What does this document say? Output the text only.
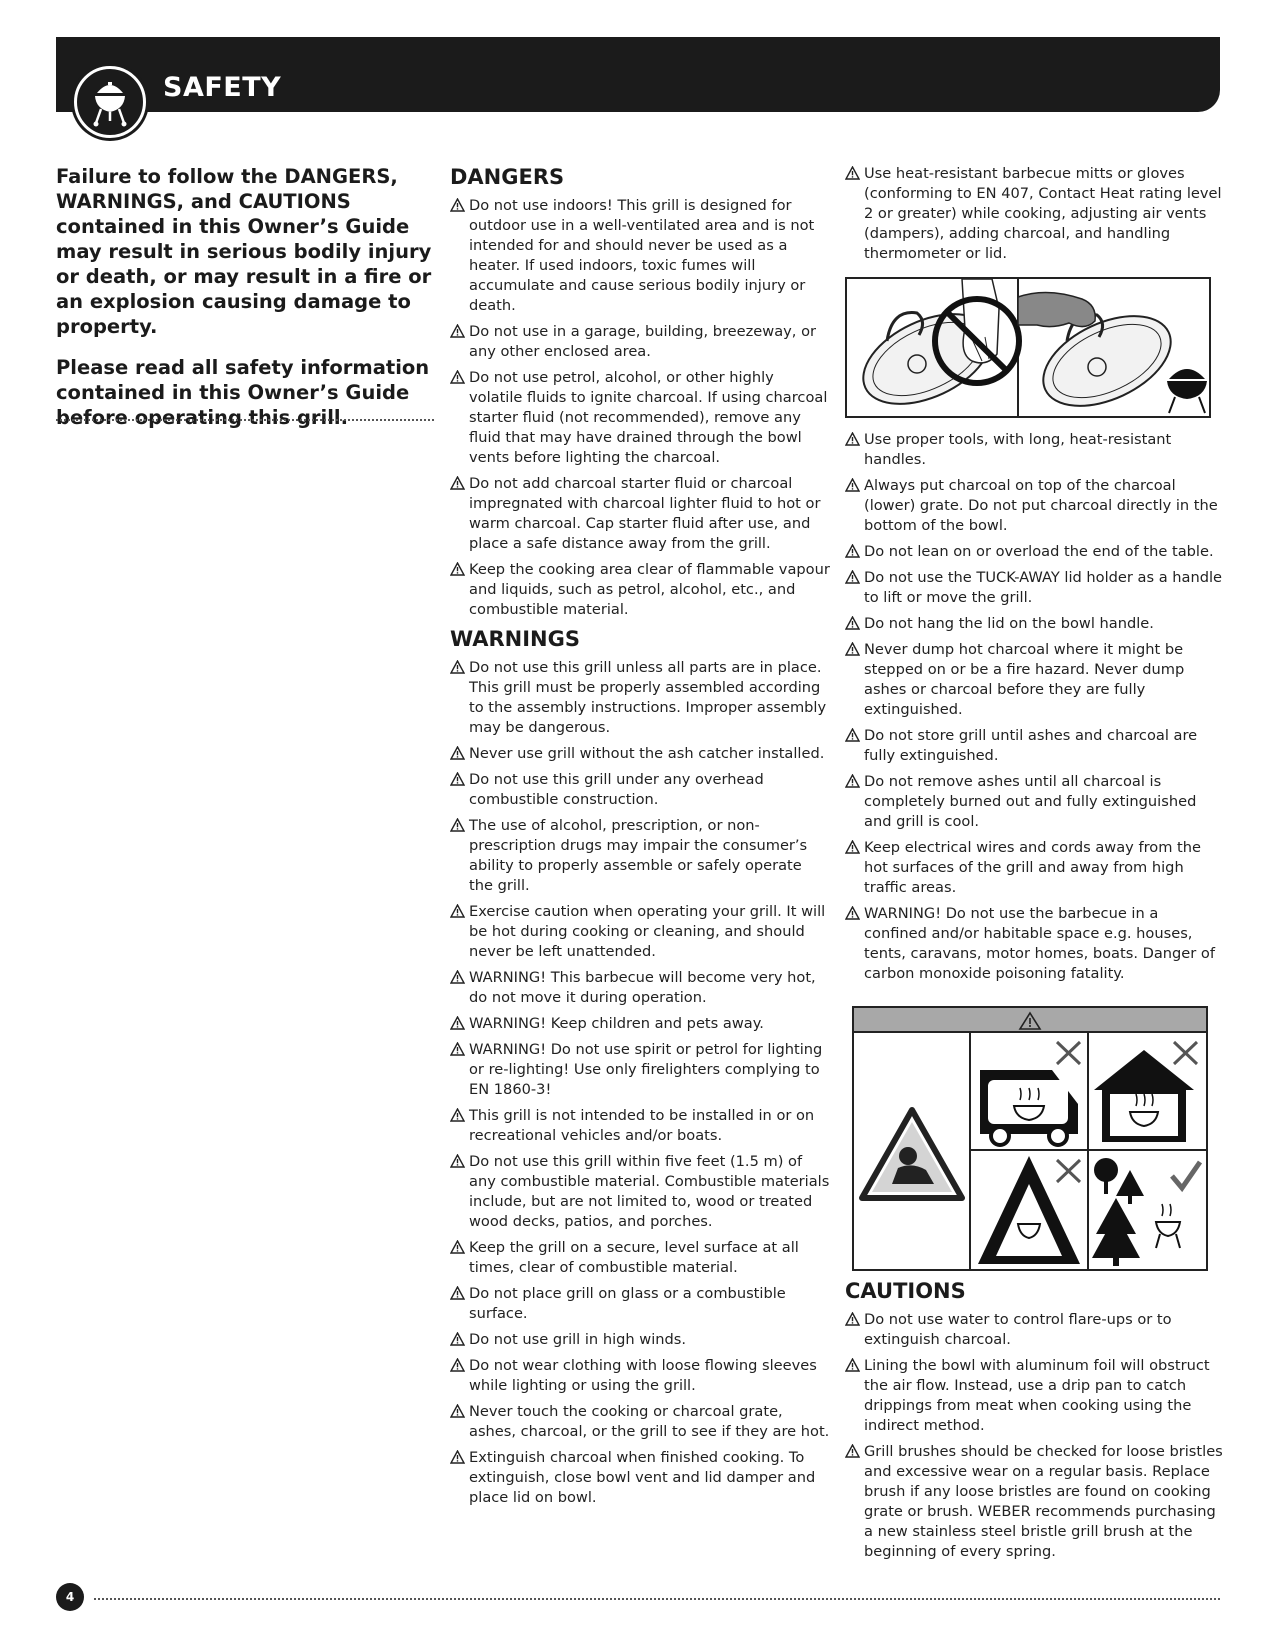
SAFETY

Failure to follow the DANGERS, WARNINGS, and CAUTIONS contained in this Owner’s Guide may result in serious bodily injury or death, or may result in a fire or an explosion causing damage to property.

Please read all safety information contained in this Owner’s Guide before operating this grill.

DANGERS
Do not use indoors! This grill is designed for outdoor use in a well-ventilated area and is not intended for and should never be used as a heater. If used indoors, toxic fumes will accumulate and cause serious bodily injury or death.
Do not use in a garage, building, breezeway, or any other enclosed area.
Do not use petrol, alcohol, or other highly volatile fluids to ignite charcoal. If using charcoal starter fluid (not recommended), remove any fluid that may have drained through the bowl vents before lighting the charcoal.
Do not add charcoal starter fluid or charcoal impregnated with charcoal lighter fluid to hot or warm charcoal. Cap starter fluid after use, and place a safe distance away from the grill.
Keep the cooking area clear of flammable vapour and liquids, such as petrol, alcohol, etc., and combustible material.
WARNINGS
Do not use this grill unless all parts are in place. This grill must be properly assembled according to the assembly instructions. Improper assembly may be dangerous.
Never use grill without the ash catcher installed.
Do not use this grill under any overhead combustible construction.
The use of alcohol, prescription, or non-prescription drugs may impair the consumer’s ability to properly assemble or safely operate the grill.
Exercise caution when operating your grill. It will be hot during cooking or cleaning, and should never be left unattended.
WARNING! This barbecue will become very hot, do not move it during operation.
WARNING! Keep children and pets away.
WARNING! Do not use spirit or petrol for lighting or re-lighting! Use only firelighters complying to EN 1860-3!
This grill is not intended to be installed in or on recreational vehicles and/or boats.
Do not use this grill within five feet (1.5 m) of any combustible material. Combustible materials include, but are not limited to, wood or treated wood decks, patios, and porches.
Keep the grill on a secure, level surface at all times, clear of combustible material.
Do not place grill on glass or a combustible surface.
Do not use grill in high winds.
Do not wear clothing with loose flowing sleeves while lighting or using the grill.
Never touch the cooking or charcoal grate, ashes, charcoal, or the grill to see if they are hot.
Extinguish charcoal when finished cooking. To extinguish, close bowl vent and lid damper and place lid on bowl.
Use heat-resistant barbecue mitts or gloves (conforming to EN 407, Contact Heat rating level 2 or greater) while cooking, adjusting air vents (dampers), adding charcoal, and handling thermometer or lid.
Use proper tools, with long, heat-resistant handles.
Always put charcoal on top of the charcoal (lower) grate. Do not put charcoal directly in the bottom of the bowl.
Do not lean on or overload the end of the table.
Do not use the TUCK-AWAY lid holder as a handle to lift or move the grill.
Do not hang the lid on the bowl handle.
Never dump hot charcoal where it might be stepped on or be a fire hazard. Never dump ashes or charcoal before they are fully extinguished.
Do not store grill until ashes and charcoal are fully extinguished.
Do not remove ashes until all charcoal is completely burned out and fully extinguished and grill is cool.
Keep electrical wires and cords away from the hot surfaces of the grill and away from high traffic areas.
WARNING! Do not use the barbecue in a confined and/or habitable space e.g. houses, tents, caravans, motor homes, boats. Danger of carbon monoxide poisoning fatality.
CAUTIONS
Do not use water to control flare-ups or to extinguish charcoal.
Lining the bowl with aluminum foil will obstruct the air flow. Instead, use a drip pan to catch drippings from meat when cooking using the indirect method.
Grill brushes should be checked for loose bristles and excessive wear on a regular basis. Replace brush if any loose bristles are found on cooking grate or brush. WEBER recommends purchasing a new stainless steel bristle grill brush at the beginning of every spring.
4
